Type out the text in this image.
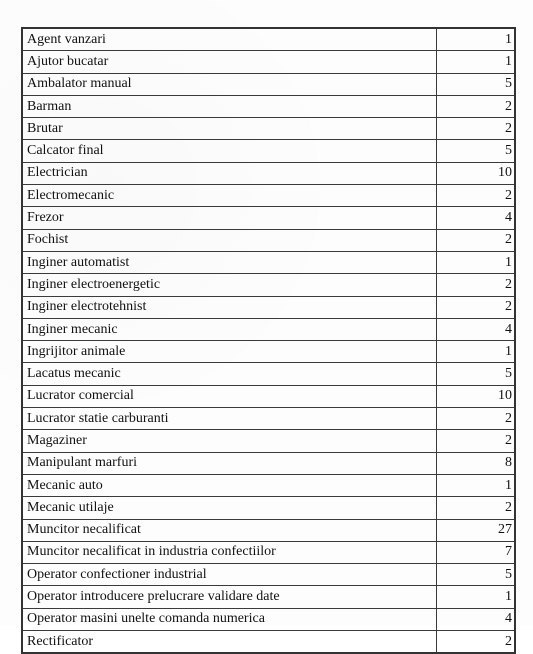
Agent vanzari	1
Ajutor bucatar	1
Ambalator manual	5
Barman	2
Brutar	2
Calcator final	5
Electrician	10
Electromecanic	2
Frezor	4
Fochist	2
Inginer automatist	1
Inginer electroenergetic	2
Inginer electrotehnist	2
Inginer mecanic	4
Ingrijitor animale	1
Lacatus mecanic	5
Lucrator comercial	10
Lucrator statie carburanti	2
Magaziner	2
Manipulant marfuri	8
Mecanic auto	1
Mecanic utilaje	2
Muncitor necalificat	27
Muncitor necalificat in industria confectiilor	7
Operator confectioner industrial	5
Operator introducere prelucrare validare date	1
Operator masini unelte comanda numerica	4
Rectificator	2
